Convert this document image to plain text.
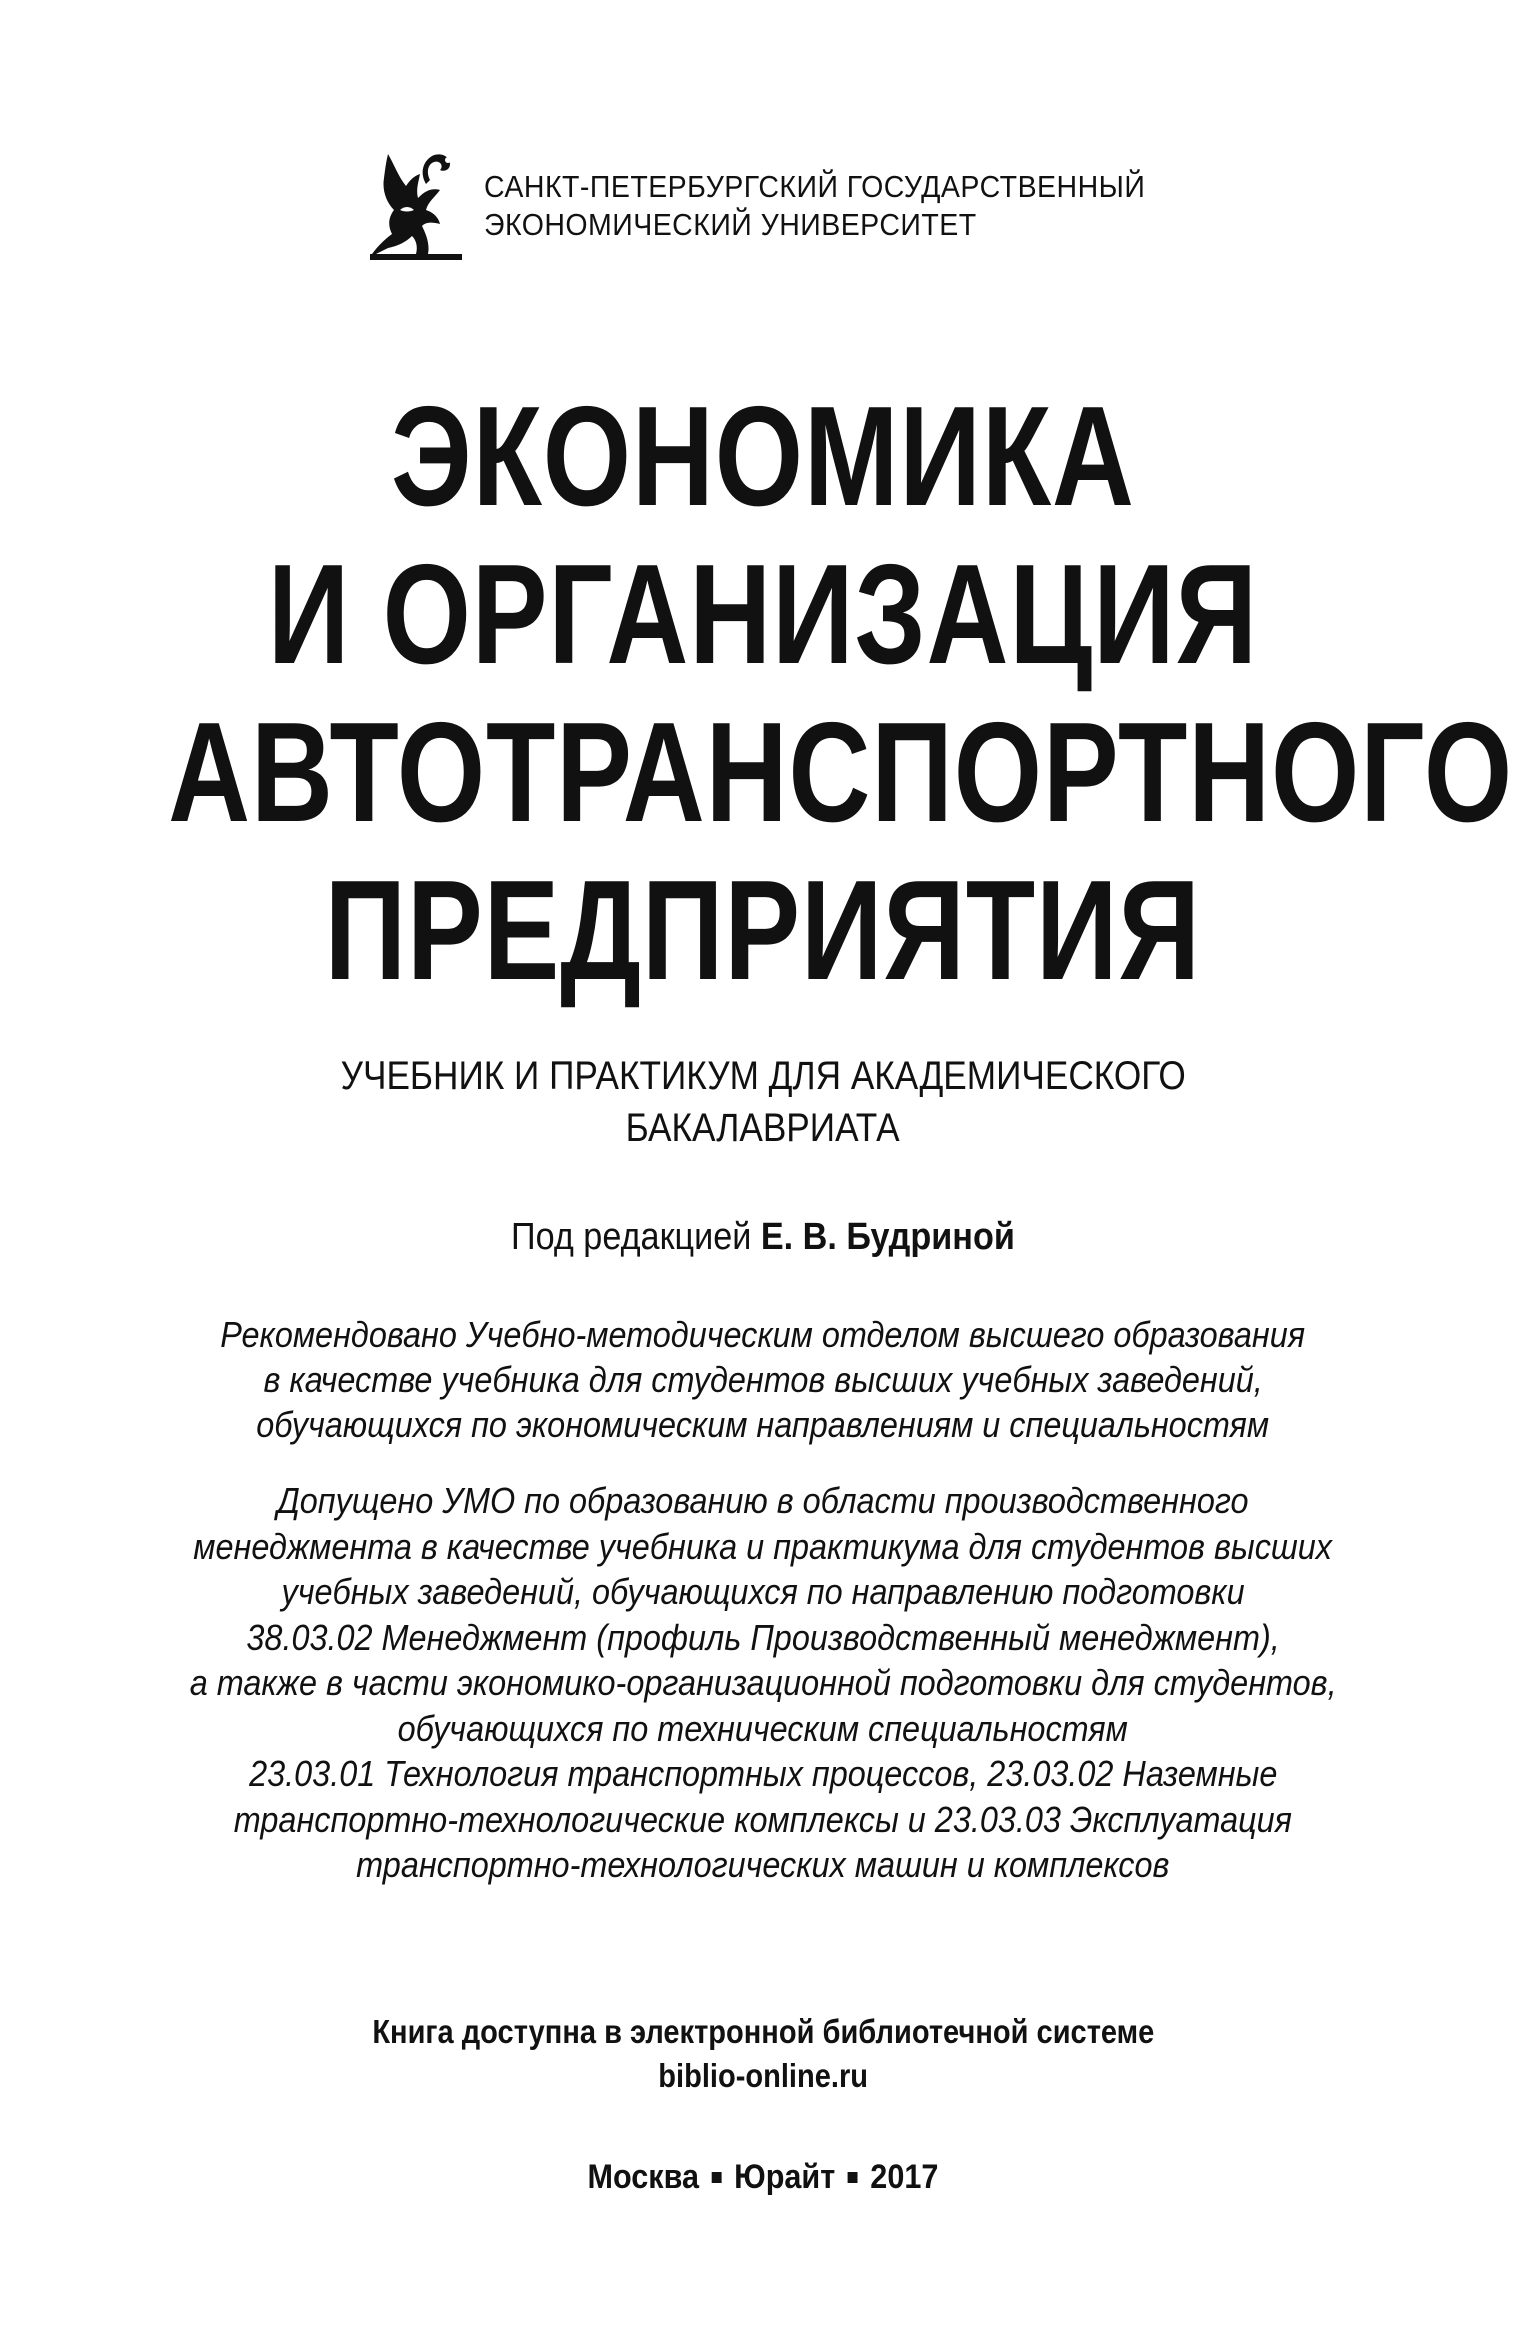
САНКТ-ПЕТЕРБУРГСКИЙ ГОСУДАРСТВЕННЫЙ
ЭКОНОМИЧЕСКИЙ УНИВЕРСИТЕТ
ЭКОНОМИКА
И ОРГАНИЗАЦИЯ
АВТОТРАНСПОРТНОГО
ПРЕДПРИЯТИЯ
УЧЕБНИК И ПРАКТИКУМ ДЛЯ АКАДЕМИЧЕСКОГО
БАКАЛАВРИАТА
Под редакцией Е. В. Будриной
Рекомендовано Учебно-методическим отделом высшего образования
в качестве учебника для студентов высших учебных заведений,
обучающихся по экономическим направлениям и специальностям
Допущено УМО по образованию в области производственного
менеджмента в качестве учебника и практикума для студентов высших
учебных заведений, обучающихся по направлению подготовки
38.03.02 Менеджмент (профиль Производственный менеджмент),
а также в части экономико-организационной подготовки для студентов,
обучающихся по техническим специальностям
23.03.01 Технология транспортных процессов, 23.03.02 Наземные
транспортно-технологические комплексы и 23.03.03 Эксплуатация
транспортно-технологических машин и комплексов
Книга доступна в электронной библиотечной системе
biblio-online.ru
Москва Юрайт 2017
